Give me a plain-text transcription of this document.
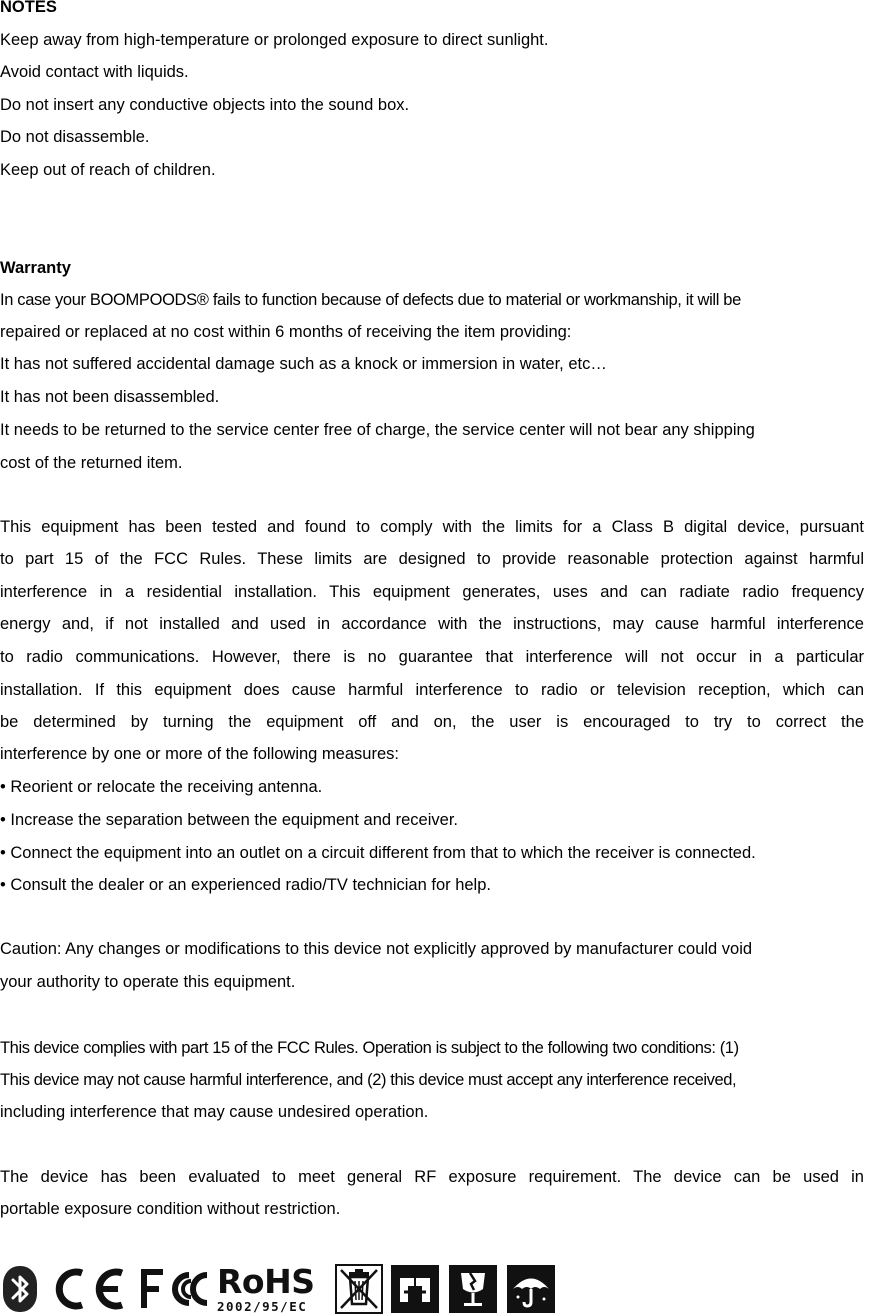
NOTES
Keep away from high-temperature or prolonged exposure to direct sunlight.
Avoid contact with liquids.
Do not insert any conductive objects into the sound box.
Do not disassemble.
Keep out of reach of children.
Warranty
In case your BOOMPOODS® fails to function because of defects due to material or workmanship, it will be
repaired or replaced at no cost within 6 months of receiving the item providing:
It has not suffered accidental damage such as a knock or immersion in water, etc…
It has not been disassembled.
It needs to be returned to the service center free of charge, the service center will not bear any shipping
cost of the returned item.
This equipment has been tested and found to comply with the limits for a Class B digital device, pursuant
to part 15 of the FCC Rules. These limits are designed to provide reasonable protection against harmful
interference in a residential installation. This equipment generates, uses and can radiate radio frequency
energy and, if not installed and used in accordance with the instructions, may cause harmful interference
to radio communications. However, there is no guarantee that interference will not occur in a particular
installation. If this equipment does cause harmful interference to radio or television reception, which can
be determined by turning the equipment off and on, the user is encouraged to try to correct the
interference by one or more of the following measures:
• Reorient or relocate the receiving antenna.
• Increase the separation between the equipment and receiver.
• Connect the equipment into an outlet on a circuit different from that to which the receiver is connected.
• Consult the dealer or an experienced radio/TV technician for help.
Caution: Any changes or modifications to this device not explicitly approved by manufacturer could void
your authority to operate this equipment.
This device complies with part 15 of the FCC Rules. Operation is subject to the following two conditions: (1)
This device may not cause harmful interference, and (2) this device must accept any interference received,
including interference that may cause undesired operation.
The device has been evaluated to meet general RF exposure requirement. The device can be used in
portable exposure condition without restriction.
RoHS
2002/95/EC
